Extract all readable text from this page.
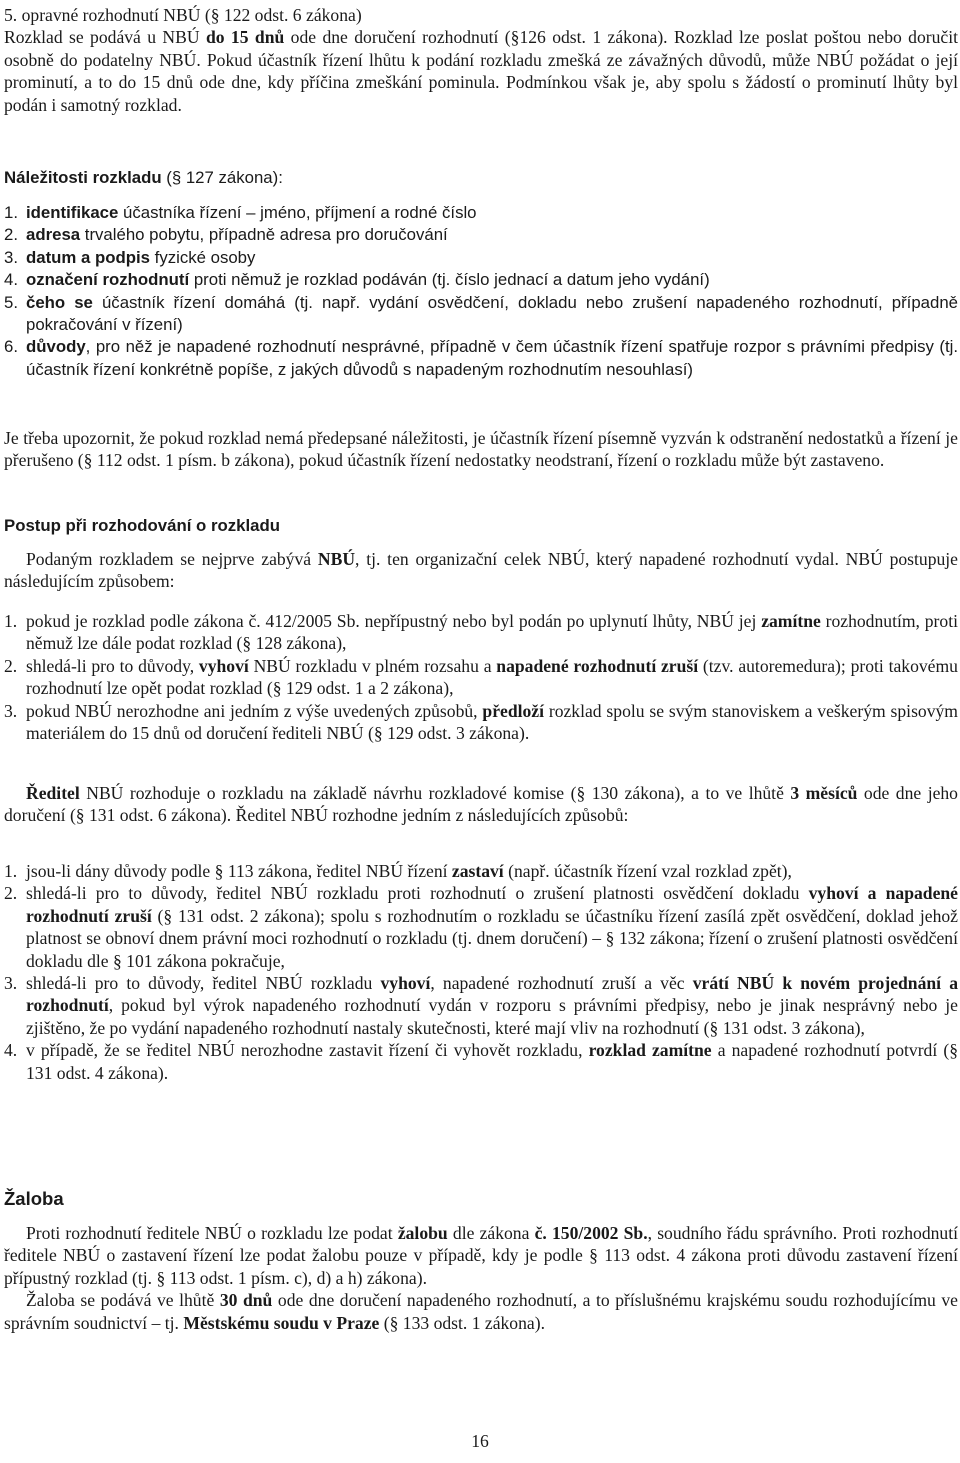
5. opravné rozhodnutí NBÚ (§ 122 odst. 6 zákona)

Rozklad se podává u NBÚ do 15 dnů ode dne doručení rozhodnutí (§126 odst. 1 zákona). Rozklad lze poslat poštou nebo doručit osobně do podatelny NBÚ. Pokud účastník řízení lhůtu k podání rozkladu zmešká ze závažných důvodů, může NBÚ požádat o její prominutí, a to do 15 dnů ode dne, kdy příčina zmeškání pominula. Podmínkou však je, aby spolu s žádostí o prominutí lhůty byl podán i samotný rozklad.

Náležitosti rozkladu (§ 127 zákona):

1. identifikace účastníka řízení – jméno, příjmení a rodné číslo
2. adresa trvalého pobytu, případně adresa pro doručování
3. datum a podpis fyzické osoby
4. označení rozhodnutí proti němuž je rozklad podáván (tj. číslo jednací a datum jeho vydání)
5. čeho se účastník řízení domáhá (tj. např. vydání osvědčení, dokladu nebo zrušení napadeného rozhodnutí, případně pokračování v řízení)
6. důvody, pro něž je napadené rozhodnutí nesprávné, případně v čem účastník řízení spatřuje rozpor s právními předpisy (tj. účastník řízení konkrétně popíše, z jakých důvodů s napadeným rozhodnutím nesouhlasí)

Je třeba upozornit, že pokud rozklad nemá předepsané náležitosti, je účastník řízení písemně vyzván k odstranění nedostatků a řízení je přerušeno (§ 112 odst. 1 písm. b zákona), pokud účastník řízení nedostatky neodstraní, řízení o rozkladu může být zastaveno.

Postup při rozhodování o rozkladu

Podaným rozkladem se nejprve zabývá NBÚ, tj. ten organizační celek NBÚ, který napadené rozhodnutí vydal. NBÚ postupuje následujícím způsobem:

1. pokud je rozklad podle zákona č. 412/2005 Sb. nepřípustný nebo byl podán po uplynutí lhůty, NBÚ jej zamítne rozhodnutím, proti němuž lze dále podat rozklad (§ 128 zákona),
2. shledá-li pro to důvody, vyhoví NBÚ rozkladu v plném rozsahu a napadené rozhodnutí zruší (tzv. autoremedura); proti takovému rozhodnutí lze opět podat rozklad (§ 129 odst. 1 a 2 zákona),
3. pokud NBÚ nerozhodne ani jedním z výše uvedených způsobů, předloží rozklad spolu se svým stanoviskem a veškerým spisovým materiálem do 15 dnů od doručení řediteli NBÚ (§ 129 odst. 3 zákona).

Ředitel NBÚ rozhoduje o rozkladu na základě návrhu rozkladové komise (§ 130 zákona), a to ve lhůtě 3 měsíců ode dne jeho doručení (§ 131 odst. 6 zákona). Ředitel NBÚ rozhodne jedním z následujících způsobů:

1. jsou-li dány důvody podle § 113 zákona, ředitel NBÚ řízení zastaví (např. účastník řízení vzal rozklad zpět),
2. shledá-li pro to důvody, ředitel NBÚ rozkladu proti rozhodnutí o zrušení platnosti osvědčení dokladu vyhoví a napadené rozhodnutí zruší (§ 131 odst. 2 zákona); spolu s rozhodnutím o rozkladu se účastníku řízení zasílá zpět osvědčení, doklad jehož platnost se obnoví dnem právní moci rozhodnutí o rozkladu (tj. dnem doručení) – § 132 zákona; řízení o zrušení platnosti osvědčení dokladu dle § 101 zákona pokračuje,
3. shledá-li pro to důvody, ředitel NBÚ rozkladu vyhoví, napadené rozhodnutí zruší a věc vrátí NBÚ k novém projednání a rozhodnutí, pokud byl výrok napadeného rozhodnutí vydán v rozporu s právními předpisy, nebo je jinak nesprávný nebo je zjištěno, že po vydání napadeného rozhodnutí nastaly skutečnosti, které mají vliv na rozhodnutí (§ 131 odst. 3 zákona),
4. v případě, že se ředitel NBÚ nerozhodne zastavit řízení či vyhovět rozkladu, rozklad zamítne a napadené rozhodnutí potvrdí (§ 131 odst. 4 zákona).

Žaloba

Proti rozhodnutí ředitele NBÚ o rozkladu lze podat žalobu dle zákona č. 150/2002 Sb., soudního řádu správního. Proti rozhodnutí ředitele NBÚ o zastavení řízení lze podat žalobu pouze v případě, kdy je podle § 113 odst. 4 zákona proti důvodu zastavení řízení přípustný rozklad (tj. § 113 odst. 1 písm. c), d) a h) zákona).

Žaloba se podává ve lhůtě 30 dnů ode dne doručení napadeného rozhodnutí, a to příslušnému krajskému soudu rozhodujícímu ve správním soudnictví – tj. Městskému soudu v Praze (§ 133 odst. 1 zákona).

16
